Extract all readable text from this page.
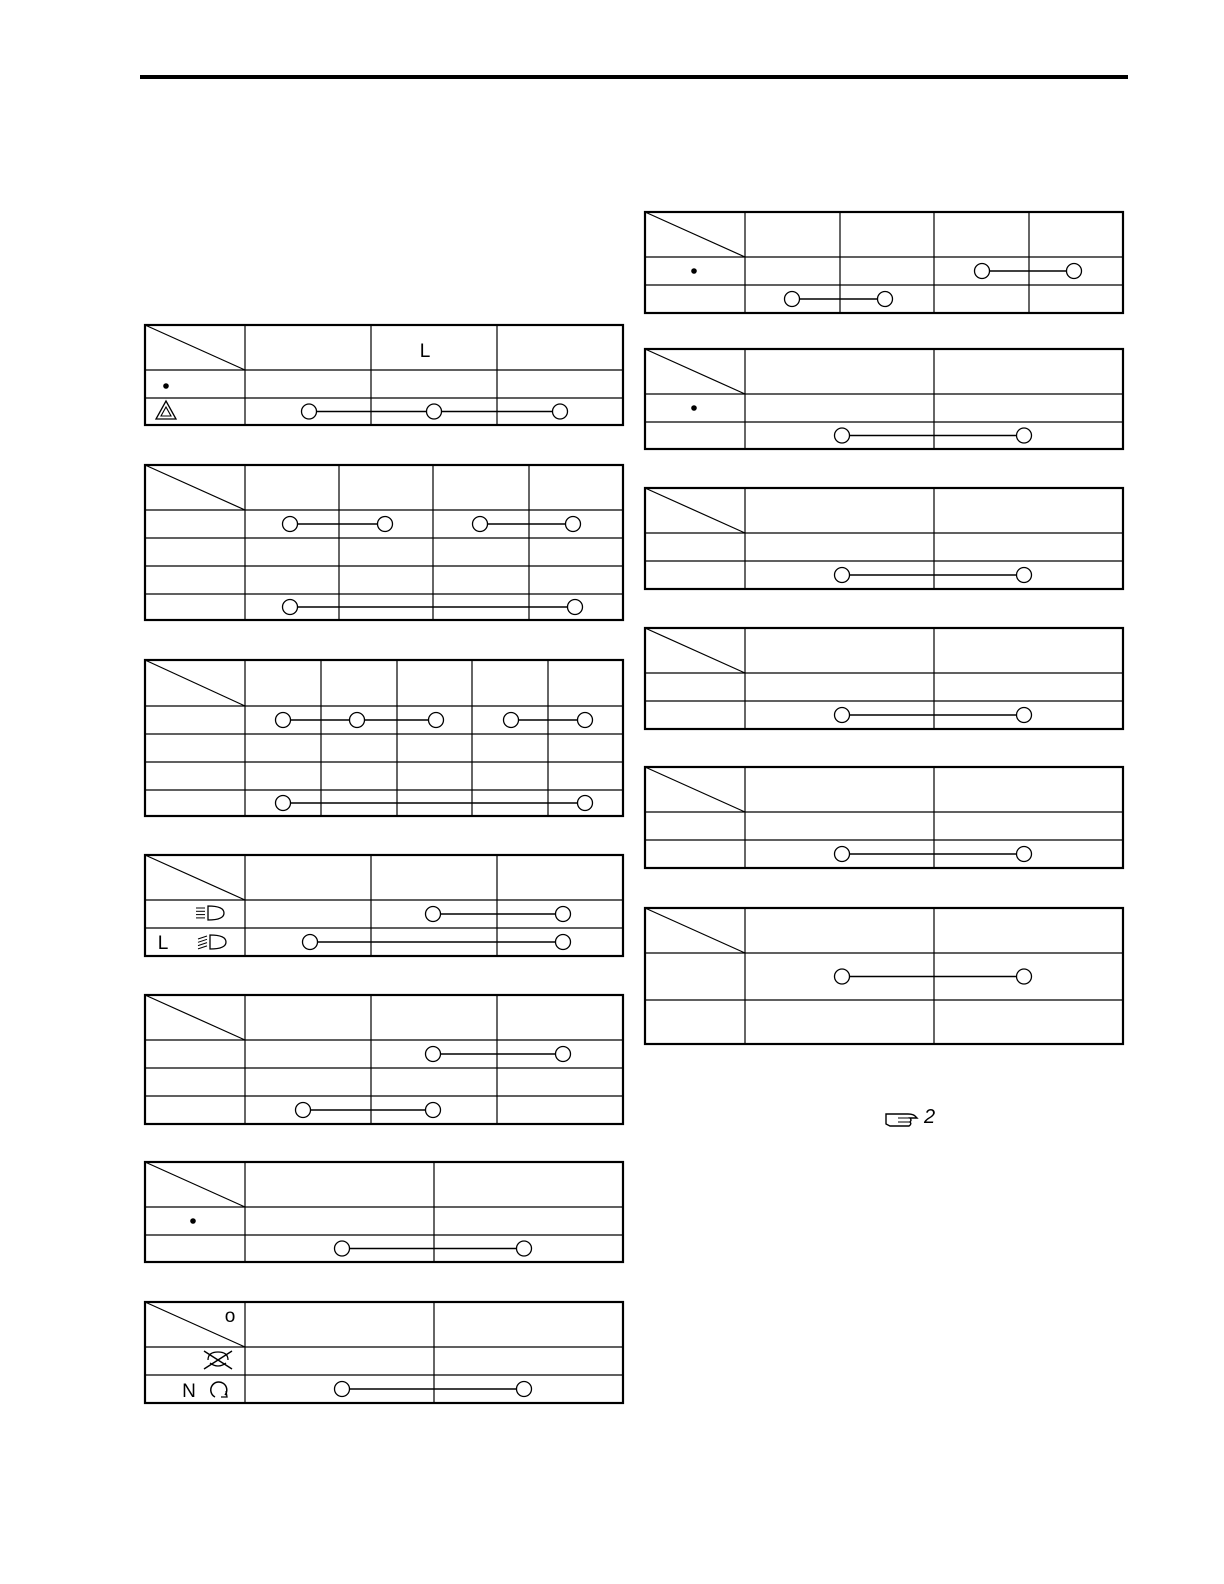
L
L
o
N
2
